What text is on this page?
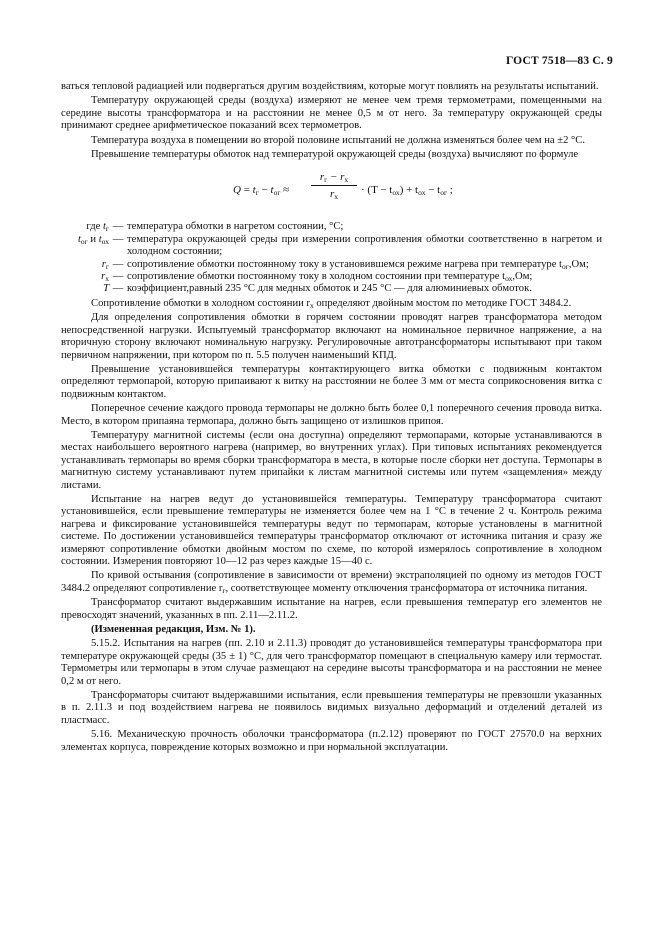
ГОСТ 7518—83 С. 9

ваться тепловой радиацией или подвергаться другим воздействиям, которые могут повлиять на результаты испытаний.

Температуру окружающей среды (воздуха) измеряют не менее чем тремя термометрами, помещенными на середине высоты трансформатора и на расстоянии не менее 0,5 м от него. За температуру окружающей среды принимают среднее арифметическое показаний всех термометров.

Температура воздуха в помещении во второй половине испытаний не должна изменяться более чем на ±2 °С.

Превышение температуры обмоток над температурой окружающей среды (воздуха) вычисляют по формуле

$Q = t_г - t_{ог}$ ≈
$r_г - r_x$
$r_x$	· $(T - t_{ох}) + t_{ох} - t_{ог}$ ;
где $t_г$ — температура обмотки в нагретом состоянии, °С;
$t_{ог}$ и $t_{ох}$ — температура окружающей среды при измерении сопротивления обмотки соответственно в нагретом и холодном состоянии;
$r_г$ — сопротивление обмотки постоянному току в установившемся режиме нагрева при температуре $t_{ог},Ом$;
$r_х$ — сопротивление обмотки постоянному току в холодном состоянии при температуре $t_{ох},Ом$;
T — коэффициент,равный 235 °С для медных обмоток и 245 °С — для алюминиевых обмоток.

Сопротивление обмотки в холодном состоянии $r_x$ определяют двойным мостом по методике ГОСТ 3484.2.

Для определения сопротивления обмотки в горячем состоянии проводят нагрев трансформатора методом непосредственной нагрузки. Испытуемый трансформатор включают на номинальное первичное напряжение, а на вторичную сторону включают номинальную нагрузку. Регулировочные автотрансформаторы испытывают при таком первичном напряжении, при котором по п. 5.5 получен наименьший КПД.

Превышение установившейся температуры контактирующего витка обмотки с подвижным контактом определяют термопарой, которую припаивают к витку на расстоянии не более 3 мм от места соприкосновения витка с подвижным контактом.

Поперечное сечение каждого провода термопары не должно быть более 0,1 поперечного сечения провода витка. Место, в котором припаяна термопара, должно быть защищено от излишков припоя.

Температуру магнитной системы (если она доступна) определяют термопарами, которые устанавливаются в местах наибольшего вероятного нагрева (например, во внутренних углах). При типовых испытаниях рекомендуется устанавливать термопары во время сборки трансформатора в места, в которые после сборки нет доступа. Термопары в магнитную систему устанавливают путем припайки к листам магнитной системы или путем «защемления» между листами.

Испытание на нагрев ведут до установившейся температуры. Температуру трансформатора считают установившейся, если превышение температуры не изменяется более чем на 1 °С в течение 2 ч. Контроль режима нагрева и фиксирование установившейся температуры ведут по термопарам, которые установлены в магнитной системе. По достижении установившейся температуры трансформатор отключают от источника питания и сразу же измеряют сопротивление обмотки двойным мостом по схеме, по которой измерялось сопротивление в холодном состоянии. Измерения повторяют 10—12 раз через каждые 15—40 с.

По кривой остывания (сопротивление в зависимости от времени) экстраполяцией по одному из методов ГОСТ 3484.2 определяют сопротивление $r_г$, соответствующее моменту отключения трансформатора от источника питания.

Трансформатор считают выдержавшим испытание на нагрев, если превышения температур его элементов не превосходят значений, указанных в пп. 2.11—2.11.2.

(Измененная редакция, Изм. № 1).

5.15.2. Испытания на нагрев (пп. 2.10 и 2.11.3) проводят до установившейся температуры трансформатора при температуре окружающей среды (35 ± 1) °С, для чего трансформатор помещают в специальную камеру или термостат. Термометры или термопары в этом случае размещают на середине высоты трансформатора и на расстоянии не менее 0,2 м от него.

Трансформаторы считают выдержавшими испытания, если превышения температуры не превзошли указанных в п. 2.11.3 и под воздействием нагрева не появилось видимых визуально деформаций и отделений деталей из пластмасс.

5.16. Механическую прочность оболочки трансформатора (п.2.12) проверяют по ГОСТ 27570.0 на верхних элементах корпуса, повреждение которых возможно и при нормальной эксплуатации.
